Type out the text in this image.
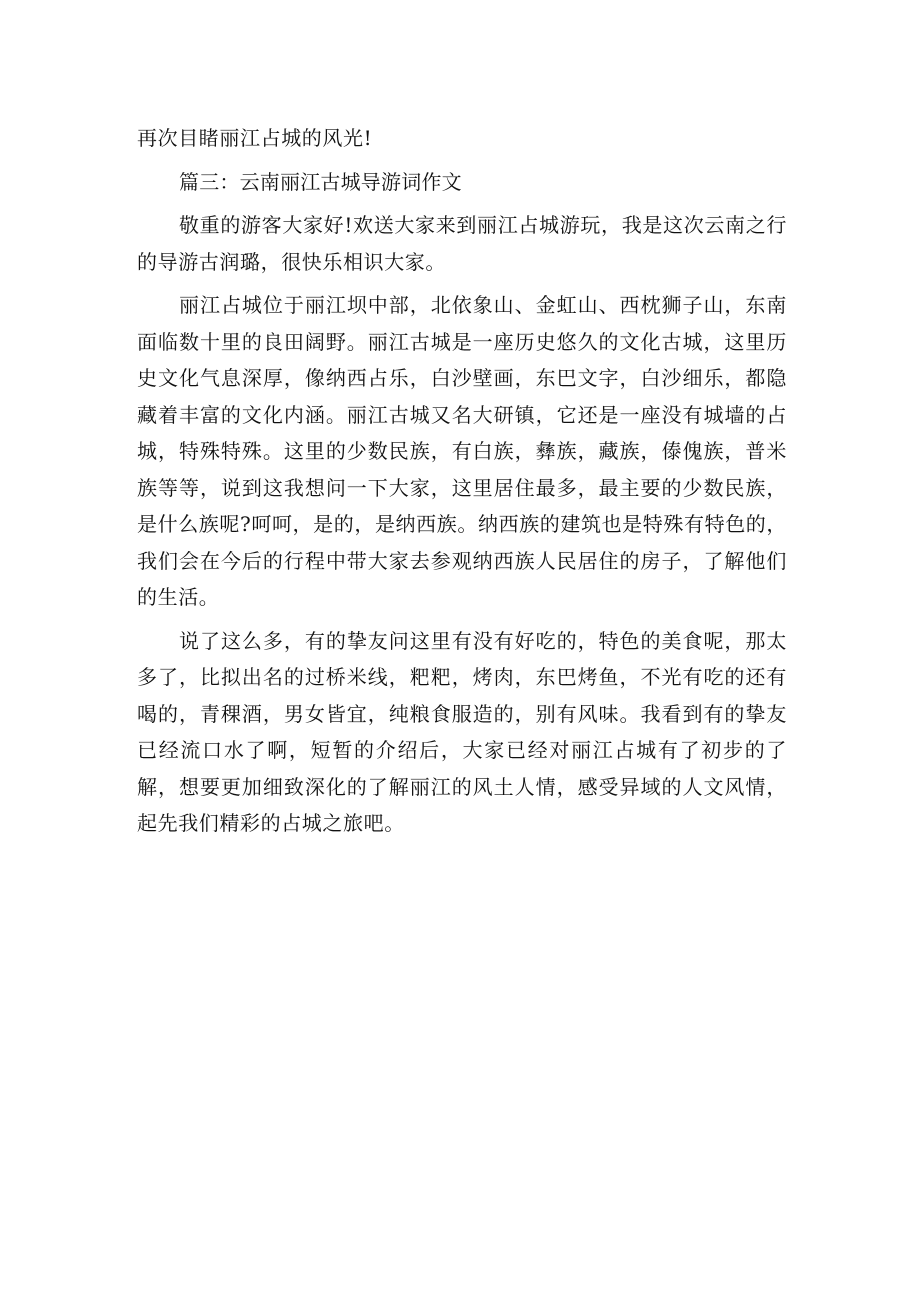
再次目睹丽江占城的风光!

篇三：云南丽江古城导游词作文

敬重的游客大家好!欢送大家来到丽江占城游玩，我是这次云南之行的导游古润璐，很快乐相识大家。

丽江占城位于丽江坝中部，北依象山、金虹山、西枕狮子山，东南面临数十里的良田阔野。丽江古城是一座历史悠久的文化古城，这里历史文化气息深厚，像纳西占乐，白沙壁画，东巴文字，白沙细乐，都隐藏着丰富的文化内涵。丽江古城又名大研镇，它还是一座没有城墙的占城，特殊特殊。这里的少数民族，有白族，彝族，藏族，傣傀族，普米族等等，说到这我想问一下大家，这里居住最多，最主要的少数民族，是什么族呢?呵呵，是的，是纳西族。纳西族的建筑也是特殊有特色的，我们会在今后的行程中带大家去参观纳西族人民居住的房子，了解他们的生活。

说了这么多，有的挚友问这里有没有好吃的，特色的美食呢，那太多了，比拟出名的过桥米线，粑粑，烤肉，东巴烤鱼，不光有吃的还有喝的，青稞酒，男女皆宜，纯粮食服造的，别有风味。我看到有的挚友已经流口水了啊，短暂的介绍后，大家已经对丽江占城有了初步的了解，想要更加细致深化的了解丽江的风土人情，感受异域的人文风情，起先我们精彩的占城之旅吧。
